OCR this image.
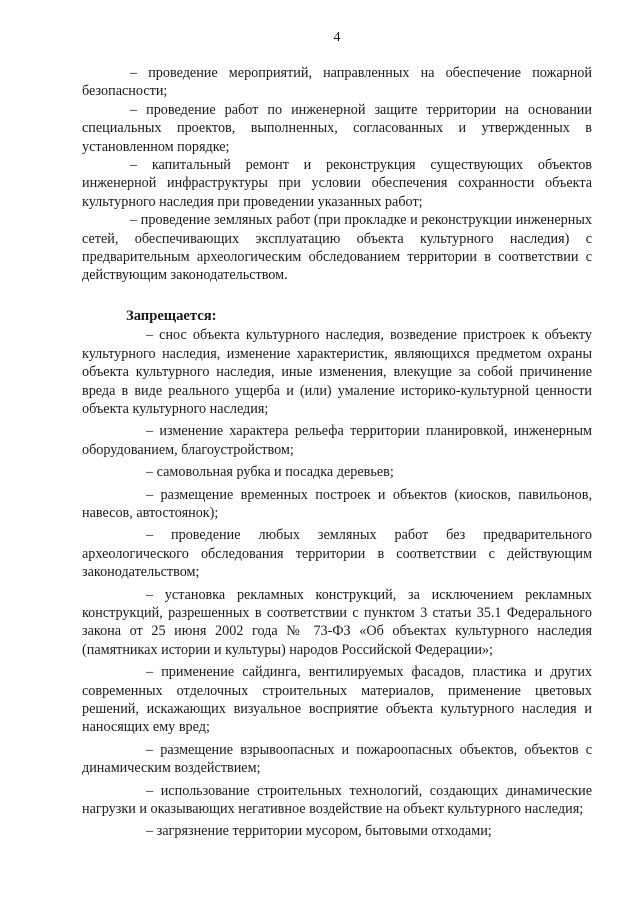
4

– проведение мероприятий, направленных на обеспечение пожарной безопасности;

– проведение работ по инженерной защите территории на основании специальных проектов, выполненных, согласованных и утвержденных в установленном порядке;

– капитальный ремонт и реконструкция существующих объектов инженерной инфраструктуры при условии обеспечения сохранности объекта культурного наследия при проведении указанных работ;

– проведение земляных работ (при прокладке и реконструкции инженерных сетей, обеспечивающих эксплуатацию объекта культурного наследия) с предварительным археологическим обследованием территории в соответствии с действующим законодательством.

Запрещается:

– снос объекта культурного наследия, возведение пристроек к объекту культурного наследия, изменение характеристик, являющихся предметом охраны объекта культурного наследия, иные изменения, влекущие за собой причинение вреда в виде реального ущерба и (или) умаление историко-культурной ценности объекта культурного наследия;

– изменение характера рельефа территории планировкой, инженерным оборудованием, благоустройством;

– самовольная рубка и посадка деревьев;

– размещение временных построек и объектов (киосков, павильонов, навесов, автостоянок);

– проведение любых земляных работ без предварительного археологического обследования территории в соответствии с действующим законодательством;

– установка рекламных конструкций, за исключением рекламных конструкций, разрешенных в соответствии с пунктом 3 статьи 35.1 Федерального закона от 25 июня 2002 года № 73-ФЗ «Об объектах культурного наследия (памятниках истории и культуры) народов Российской Федерации»;

– применение сайдинга, вентилируемых фасадов, пластика и других современных отделочных строительных материалов, применение цветовых решений, искажающих визуальное восприятие объекта культурного наследия и наносящих ему вред;

– размещение взрывоопасных и пожароопасных объектов, объектов с динамическим воздействием;

– использование строительных технологий, создающих динамические нагрузки и оказывающих негативное воздействие на объект культурного наследия;

– загрязнение территории мусором, бытовыми отходами;
